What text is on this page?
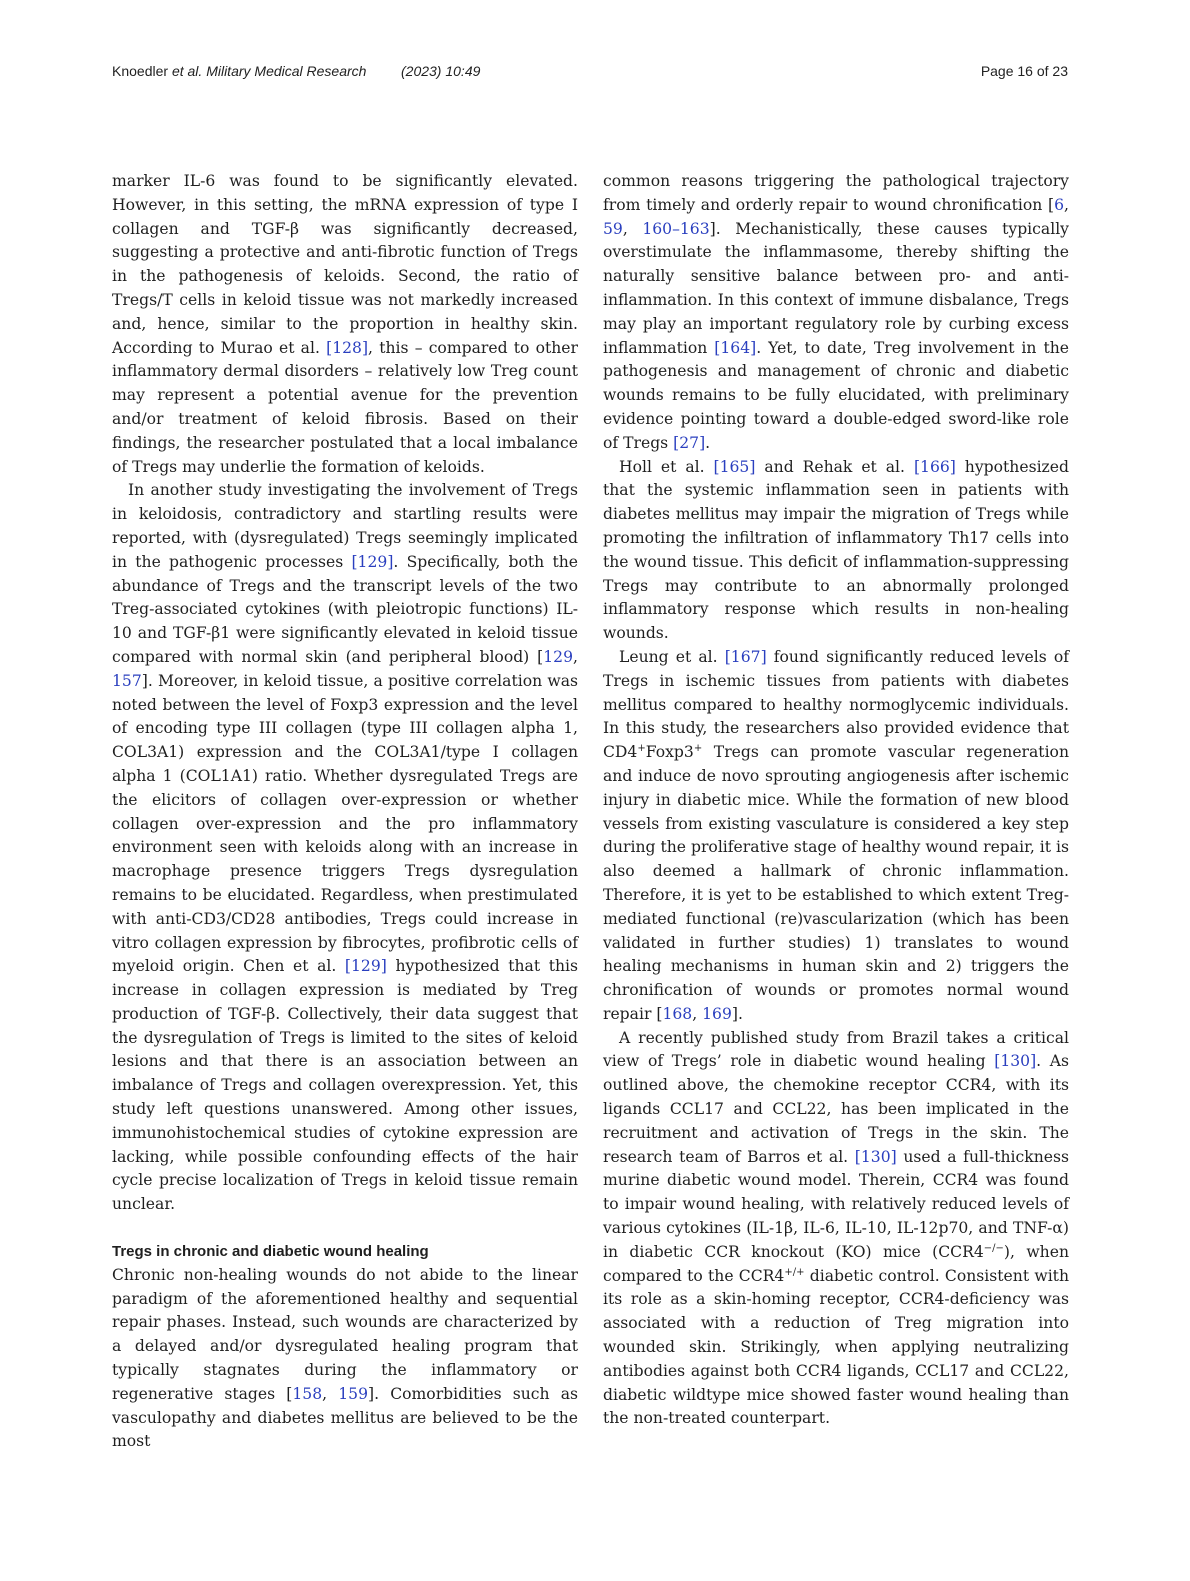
Knoedler et al. Military Medical Research (2023) 10:49	Page 16 of 23

marker IL-6 was found to be significantly elevated. However, in this setting, the mRNA expression of type I collagen and TGF-β was significantly decreased, suggesting a protective and anti-fibrotic function of Tregs in the pathogenesis of keloids. Second, the ratio of Tregs/T cells in keloid tissue was not markedly increased and, hence, similar to the proportion in healthy skin. According to Murao et al. [128], this – compared to other inflammatory dermal disorders – relatively low Treg count may represent a potential avenue for the prevention and/or treatment of keloid fibrosis. Based on their findings, the researcher postulated that a local imbalance of Tregs may underlie the formation of keloids.

In another study investigating the involvement of Tregs in keloidosis, contradictory and startling results were reported, with (dysregulated) Tregs seemingly implicated in the pathogenic processes [129]. Specifically, both the abundance of Tregs and the transcript levels of the two Treg-associated cytokines (with pleiotropic functions) IL-10 and TGF-β1 were significantly elevated in keloid tissue compared with normal skin (and peripheral blood) [129, 157]. Moreover, in keloid tissue, a positive correlation was noted between the level of Foxp3 expression and the level of encoding type III collagen (type III collagen alpha 1, COL3A1) expression and the COL3A1/type I collagen alpha 1 (COL1A1) ratio. Whether dysregulated Tregs are the elicitors of collagen over-expression or whether collagen over-expression and the pro inflammatory environment seen with keloids along with an increase in macrophage presence triggers Tregs dysregulation remains to be elucidated. Regardless, when prestimulated with anti-CD3/CD28 antibodies, Tregs could increase in vitro collagen expression by fibrocytes, profibrotic cells of myeloid origin. Chen et al. [129] hypothesized that this increase in collagen expression is mediated by Treg production of TGF-β. Collectively, their data suggest that the dysregulation of Tregs is limited to the sites of keloid lesions and that there is an association between an imbalance of Tregs and collagen overexpression. Yet, this study left questions unanswered. Among other issues, immunohistochemical studies of cytokine expression are lacking, while possible confounding effects of the hair cycle precise localization of Tregs in keloid tissue remain unclear.

Tregs in chronic and diabetic wound healing

Chronic non-healing wounds do not abide to the linear paradigm of the aforementioned healthy and sequential repair phases. Instead, such wounds are characterized by a delayed and/or dysregulated healing program that typically stagnates during the inflammatory or regenerative stages [158, 159]. Comorbidities such as vasculopathy and diabetes mellitus are believed to be the most

common reasons triggering the pathological trajectory from timely and orderly repair to wound chronification [6, 59, 160–163]. Mechanistically, these causes typically overstimulate the inflammasome, thereby shifting the naturally sensitive balance between pro- and anti-inflammation. In this context of immune disbalance, Tregs may play an important regulatory role by curbing excess inflammation [164]. Yet, to date, Treg involvement in the pathogenesis and management of chronic and diabetic wounds remains to be fully elucidated, with preliminary evidence pointing toward a double-edged sword-like role of Tregs [27].

Holl et al. [165] and Rehak et al. [166] hypothesized that the systemic inflammation seen in patients with diabetes mellitus may impair the migration of Tregs while promoting the infiltration of inflammatory Th17 cells into the wound tissue. This deficit of inflammation-suppressing Tregs may contribute to an abnormally prolonged inflammatory response which results in non-healing wounds.

Leung et al. [167] found significantly reduced levels of Tregs in ischemic tissues from patients with diabetes mellitus compared to healthy normoglycemic individuals. In this study, the researchers also provided evidence that CD4+Foxp3+ Tregs can promote vascular regeneration and induce de novo sprouting angiogenesis after ischemic injury in diabetic mice. While the formation of new blood vessels from existing vasculature is considered a key step during the proliferative stage of healthy wound repair, it is also deemed a hallmark of chronic inflammation. Therefore, it is yet to be established to which extent Treg-mediated functional (re)vascularization (which has been validated in further studies) 1) translates to wound healing mechanisms in human skin and 2) triggers the chronification of wounds or promotes normal wound repair [168, 169].

A recently published study from Brazil takes a critical view of Tregs’ role in diabetic wound healing [130]. As outlined above, the chemokine receptor CCR4, with its ligands CCL17 and CCL22, has been implicated in the recruitment and activation of Tregs in the skin. The research team of Barros et al. [130] used a full-thickness murine diabetic wound model. Therein, CCR4 was found to impair wound healing, with relatively reduced levels of various cytokines (IL-1β, IL-6, IL-10, IL-12p70, and TNF-α) in diabetic CCR knockout (KO) mice (CCR4−/−), when compared to the CCR4+/+ diabetic control. Consistent with its role as a skin-homing receptor, CCR4-deficiency was associated with a reduction of Treg migration into wounded skin. Strikingly, when applying neutralizing antibodies against both CCR4 ligands, CCL17 and CCL22, diabetic wildtype mice showed faster wound healing than the non-treated counterpart.
